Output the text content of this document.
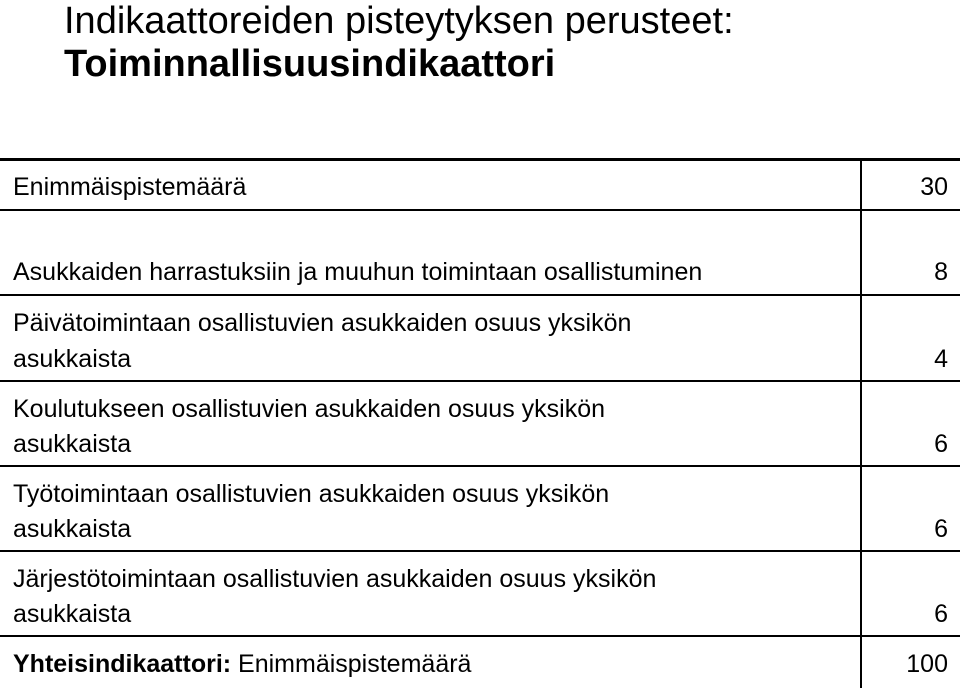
Indikaattoreiden pisteytyksen perusteet:
Toiminnallisuusindikaattori
Enimmäispistemäärä	30
Asukkaiden harrastuksiin ja muuhun toimintaan osallistuminen	8
Päivätoimintaan osallistuvien asukkaiden osuus yksikön
asukkaista	4
Koulutukseen osallistuvien asukkaiden osuus yksikön
asukkaista	6
Työtoimintaan osallistuvien asukkaiden osuus yksikön
asukkaista	6
Järjestötoimintaan osallistuvien asukkaiden osuus yksikön
asukkaista	6
Yhteisindikaattori: Enimmäispistemäärä	100
